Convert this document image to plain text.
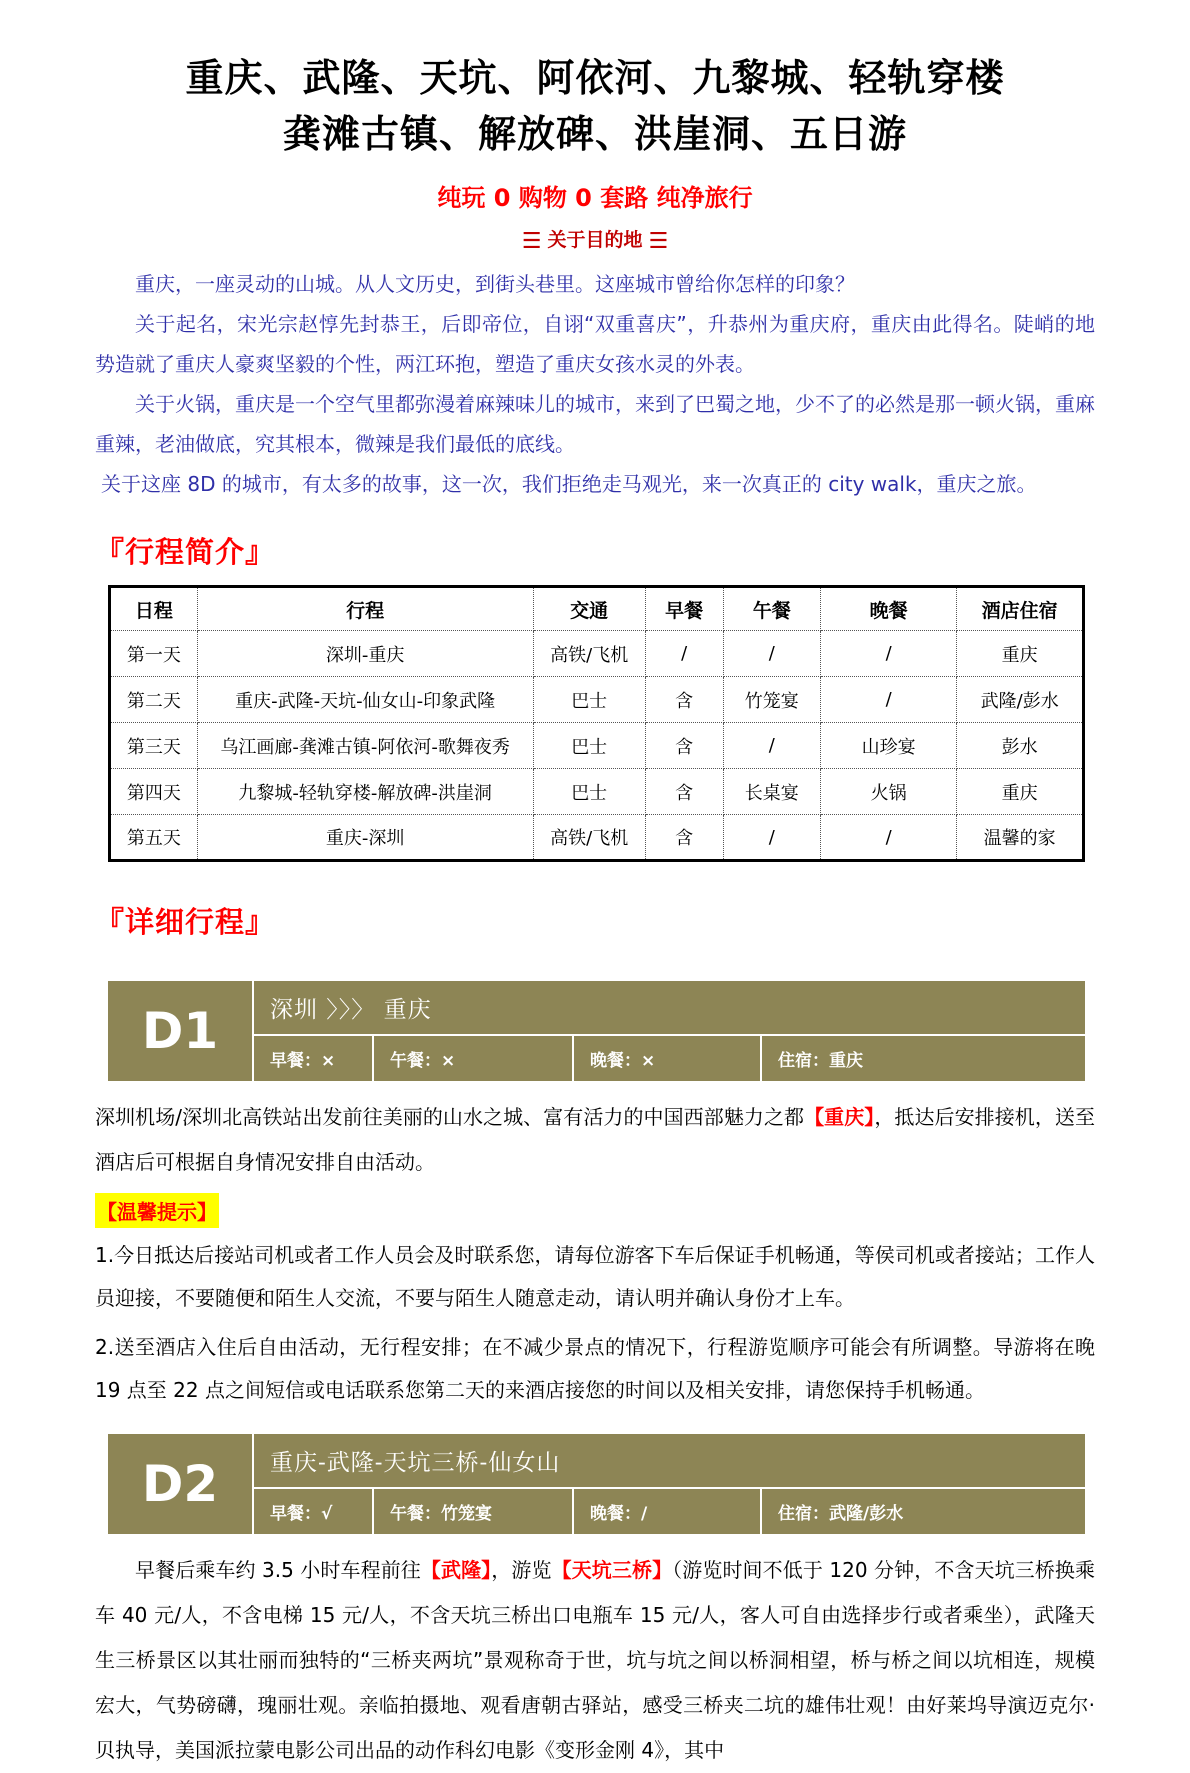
重庆、武隆、天坑、阿依河、九黎城、轻轨穿楼
龚滩古镇、解放碑、洪崖洞、五日游
纯玩 0 购物 0 套路 纯净旅行
☰ 关于目的地 ☰

重庆，一座灵动的山城。从人文历史，到街头巷里。这座城市曾给你怎样的印象？

关于起名，宋光宗赵惇先封恭王，后即帝位，自诩“双重喜庆”，升恭州为重庆府，重庆由此得名。陡峭的地势造就了重庆人豪爽坚毅的个性，两江环抱，塑造了重庆女孩水灵的外表。

关于火锅，重庆是一个空气里都弥漫着麻辣味儿的城市，来到了巴蜀之地，少不了的必然是那一顿火锅，重麻重辣，老油做底，究其根本，微辣是我们最低的底线。

关于这座 8D 的城市，有太多的故事，这一次，我们拒绝走马观光，来一次真正的 city walk，重庆之旅。

『行程简介』
日程	行程	交通	早餐	午餐	晚餐	酒店住宿
第一天	深圳-重庆	高铁/飞机	/	/	/	重庆
第二天	重庆-武隆-天坑-仙女山-印象武隆	巴士	含	竹笼宴	/	武隆/彭水
第三天	乌江画廊-龚滩古镇-阿依河-歌舞夜秀	巴士	含	/	山珍宴	彭水
第四天	九黎城-轻轨穿楼-解放碑-洪崖洞	巴士	含	长桌宴	火锅	重庆
第五天	重庆-深圳	高铁/飞机	含	/	/	温馨的家
『详细行程』
D1	深圳 〉〉〉 重庆
早餐：×	午餐：×	晚餐：×	住宿：重庆

深圳机场/深圳北高铁站出发前往美丽的山水之城、富有活力的中国西部魅力之都【重庆】，抵达后安排接机，送至酒店后可根据自身情况安排自由活动。

【温馨提示】

1.今日抵达后接站司机或者工作人员会及时联系您，请每位游客下车后保证手机畅通，等侯司机或者接站；工作人员迎接，不要随便和陌生人交流，不要与陌生人随意走动，请认明并确认身份才上车。

2.送至酒店入住后自由活动，无行程安排；在不减少景点的情况下，行程游览顺序可能会有所调整。导游将在晚 19 点至 22 点之间短信或电话联系您第二天的来酒店接您的时间以及相关安排，请您保持手机畅通。

D2	重庆-武隆-天坑三桥-仙女山
早餐：√	午餐：竹笼宴	晚餐：/	住宿：武隆/彭水

早餐后乘车约 3.5 小时车程前往【武隆】，游览【天坑三桥】（游览时间不低于 120 分钟，不含天坑三桥换乘车 40 元/人，不含电梯 15 元/人，不含天坑三桥出口电瓶车 15 元/人，客人可自由选择步行或者乘坐），武隆天生三桥景区以其壮丽而独特的“三桥夹两坑”景观称奇于世，坑与坑之间以桥洞相望，桥与桥之间以坑相连，规模宏大，气势磅礴，瑰丽壮观。亲临拍摄地、观看唐朝古驿站，感受三桥夹二坑的雄伟壮观！由好莱坞导演迈克尔·贝执导，美国派拉蒙电影公司出品的动作科幻电影《变形金刚 4》，其中
